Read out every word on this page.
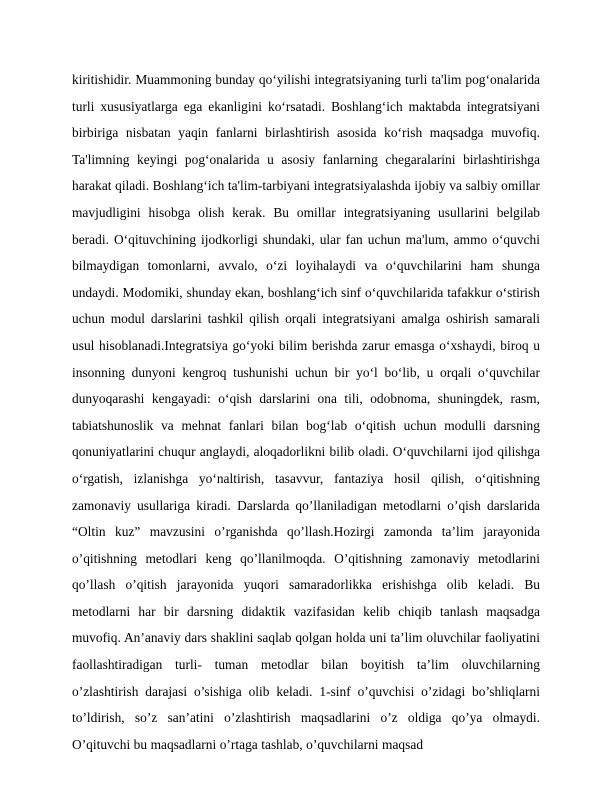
kiritishidir. Muammoning bunday qo‘yilishi integratsiyaning turli ta'lim pog‘onalarida turli xususiyatlarga ega ekanligini ko‘rsatadi. Boshlang‘ich maktabda integratsiyani birbiriga nisbatan yaqin fanlarni birlashtirish asosida ko‘rish maqsadga muvofiq. Ta'limning keyingi pog‘onalarida u asosiy fanlarning chegaralarini birlashtirishga harakat qiladi. Boshlang‘ich ta'lim-tarbiyani integratsiyalashda ijobiy va salbiy omillar mavjudligini hisobga olish kerak. Bu omillar integratsiyaning usullarini belgilab beradi. O‘qituvchining ijodkorligi shundaki, ular fan uchun ma'lum, ammo o‘quvchi bilmaydigan tomonlarni, avvalo, o‘zi loyihalaydi va o‘quvchilarini ham shunga undaydi. Modomiki, shunday ekan, boshlang‘ich sinf o‘quvchilarida tafakkur o‘stirish uchun modul darslarini tashkil qilish orqali integratsiyani amalga oshirish samarali usul hisoblanadi.Integratsiya go‘yoki bilim berishda zarur emasga o‘xshaydi, biroq u insonning dunyoni kengroq tushunishi uchun bir yo‘l bo‘lib, u orqali o‘quvchilar dunyoqarashi kengayadi: o‘qish darslarini ona tili, odobnoma, shuningdek, rasm, tabiatshunoslik va mehnat fanlari bilan bog‘lab o‘qitish uchun modulli darsning qonuniyatlarini chuqur anglaydi, aloqadorlikni bilib oladi. O‘quvchilarni ijod qilishga o‘rgatish, izlanishga yo‘naltirish, tasavvur, fantaziya hosil qilish, o‘qitishning zamonaviy usullariga kiradi. Darslarda qo’llaniladigan metodlarni o’qish darslarida “Oltin kuz” mavzusini o’rganishda qo’llash.Hozirgi zamonda ta’lim jarayonida o’qitishning metodlari keng qo’llanilmoqda. O’qitishning zamonaviy metodlarini qo’llash o’qitish jarayonida yuqori samaradorlikka erishishga olib keladi. Bu metodlarni har bir darsning didaktik vazifasidan kelib chiqib tanlash maqsadga muvofiq. An’anaviy dars shaklini saqlab qolgan holda uni ta’lim oluvchilar faoliyatini faollashtiradigan turli- tuman metodlar bilan boyitish ta’lim oluvchilarning o’zlashtirish darajasi o’sishiga olib keladi. 1-sinf o’quvchisi o’zidagi bo’shliqlarni to’ldirish, so’z san’atini o’zlashtirish maqsadlarini o’z oldiga qo’ya olmaydi. O’qituvchi bu maqsadlarni o’rtaga tashlab, o’quvchilarni maqsad
